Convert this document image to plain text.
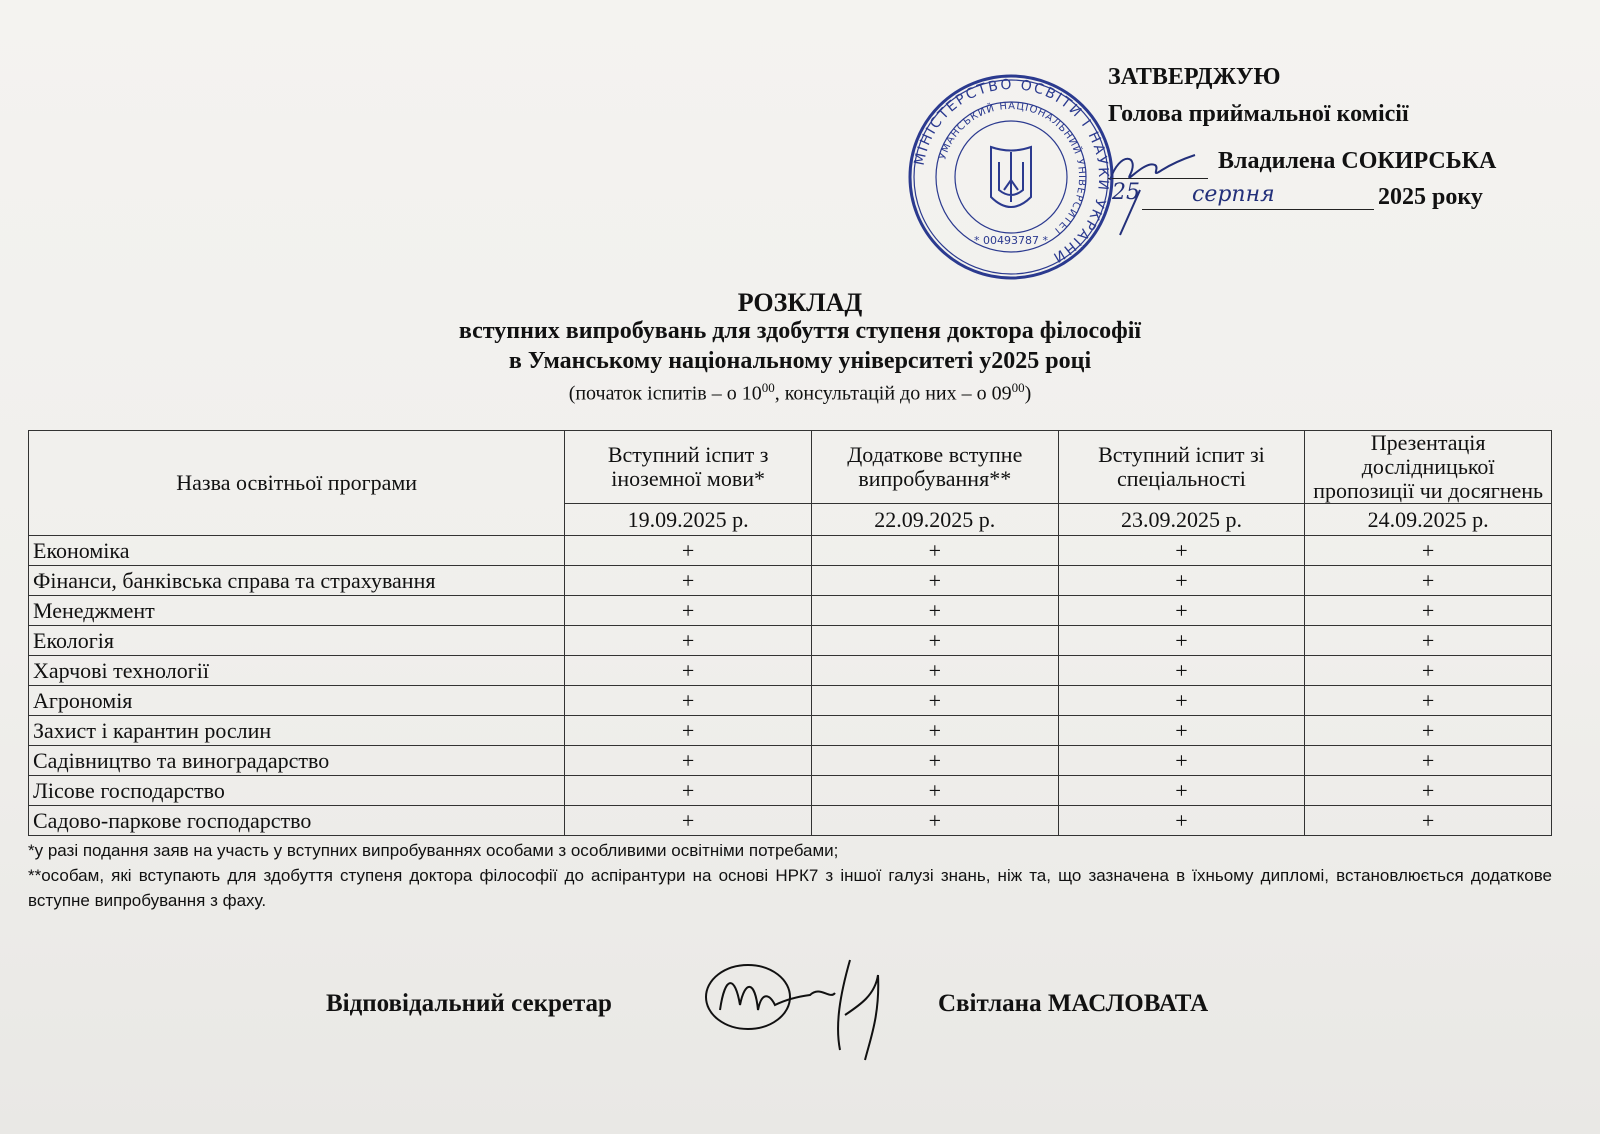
МІНІСТЕРСТВО ОСВІТИ І НАУКИ УКРАЇНИ
УМАНСЬКИЙ НАЦІОНАЛЬНИЙ УНІВЕРСИТЕТ
* 00493787 *
ЗАТВЕРДЖУЮ
Голова приймальної комісії
Владилена СОКИРСЬКА
2025 року
25 серпня
РОЗКЛАД
вступних випробувань для здобуття ступеня доктора філософії
в Уманському національному університеті у2025 році
(початок іспитів – о $10^{00}$, консультацій до них – о $09^{00}$)
Назва освітньої програми	Вступний іспит з іноземної мови*	Додаткове вступне випробування**	Вступний іспит зі спеціальності	Презентація дослідницької пропозиції чи досягнень
	19.09.2025 р.	22.09.2025 р.	23.09.2025 р.	24.09.2025 р.
Економіка	+	+	+	+
Фінанси, банківська справа та страхування	+	+	+	+
Менеджмент	+	+	+	+
Екологія	+	+	+	+
Харчові технології	+	+	+	+
Агрономія	+	+	+	+
Захист і карантин рослин	+	+	+	+
Садівництво та виноградарство	+	+	+	+
Лісове господарство	+	+	+	+
Садово-паркове господарство	+	+	+	+

*у разі подання заяв на участь у вступних випробуваннях особами з особливими освітніми потребами;

**особам, які вступають для здобуття ступеня доктора філософії до аспірантури на основі НРК7 з іншої галузі знань, ніж та, що зазначена в їхньому дипломі, встановлюється додаткове вступне випробування з фаху.

Відповідальний секретар	Світлана МАСЛОВАТА
